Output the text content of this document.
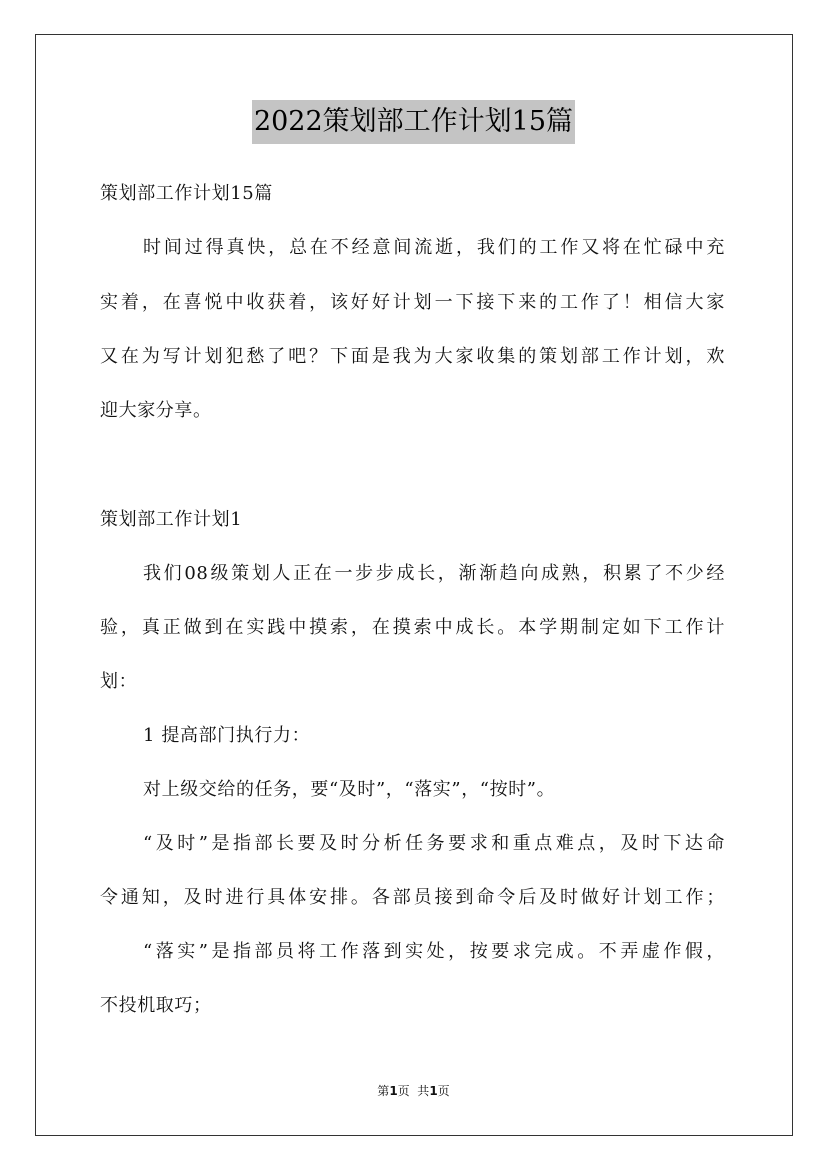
2022策划部工作计划15篇
策划部工作计划15篇
时间过得真快，总在不经意间流逝，我们的工作又将在忙碌中充
实着，在喜悦中收获着，该好好计划一下接下来的工作了！相信大家
又在为写计划犯愁了吧？下面是我为大家收集的策划部工作计划，欢
迎大家分享。
策划部工作计划1
我们08级策划人正在一步步成长，渐渐趋向成熟，积累了不少经
验，真正做到在实践中摸索，在摸索中成长。本学期制定如下工作计
划：
1 提高部门执行力：
对上级交给的任务，要“及时”，“落实”，“按时”。
“及时”是指部长要及时分析任务要求和重点难点，及时下达命
令通知，及时进行具体安排。各部员接到命令后及时做好计划工作；
“落实”是指部员将工作落到实处，按要求完成。不弄虚作假，
不投机取巧；
第1页  共1页
